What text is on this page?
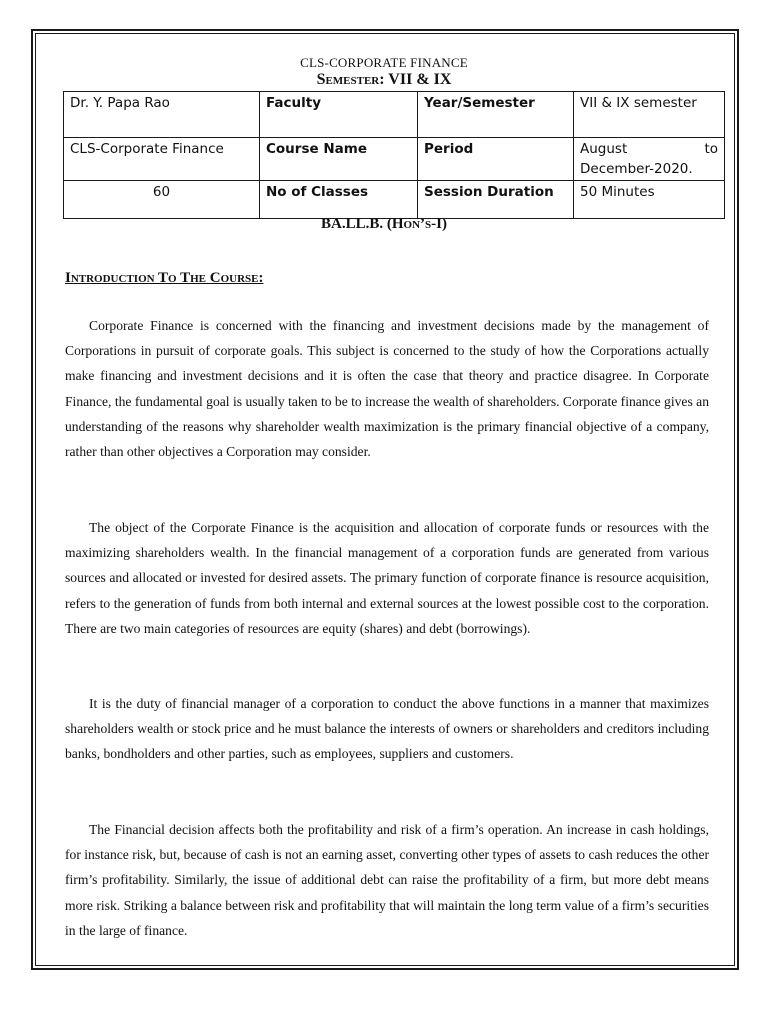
CLS-CORPORATE FINANCE
Semester: VII & IX
Dr. Y. Papa Rao	Faculty	Year/Semester	VII & IX semester
CLS-Corporate Finance	Course Name	Period	August to December-2020.
60	No of Classes	Session Duration	50 Minutes
BA.LL.B. (Hon’s-I)
Introduction To The Course:

Corporate Finance is concerned with the financing and investment decisions made by the management of Corporations in pursuit of corporate goals. This subject is concerned to the study of how the Corporations actually make financing and investment decisions and it is often the case that theory and practice disagree. In Corporate Finance, the fundamental goal is usually taken to be to increase the wealth of shareholders. Corporate finance gives an understanding of the reasons why shareholder wealth maximization is the primary financial objective of a company, rather than other objectives a Corporation may consider.

The object of the Corporate Finance is the acquisition and allocation of corporate funds or resources with the maximizing shareholders wealth. In the financial management of a corporation funds are generated from various sources and allocated or invested for desired assets. The primary function of corporate finance is resource acquisition, refers to the generation of funds from both internal and external sources at the lowest possible cost to the corporation. There are two main categories of resources are equity (shares) and debt (borrowings).

It is the duty of financial manager of a corporation to conduct the above functions in a manner that maximizes shareholders wealth or stock price and he must balance the interests of owners or shareholders and creditors including banks, bondholders and other parties, such as employees, suppliers and customers.

The Financial decision affects both the profitability and risk of a firm’s operation. An increase in cash holdings, for instance risk, but, because of cash is not an earning asset, converting other types of assets to cash reduces the other firm’s profitability. Similarly, the issue of additional debt can raise the profitability of a firm, but more debt means more risk. Striking a balance between risk and profitability that will maintain the long term value of a firm’s securities in the large of finance.
